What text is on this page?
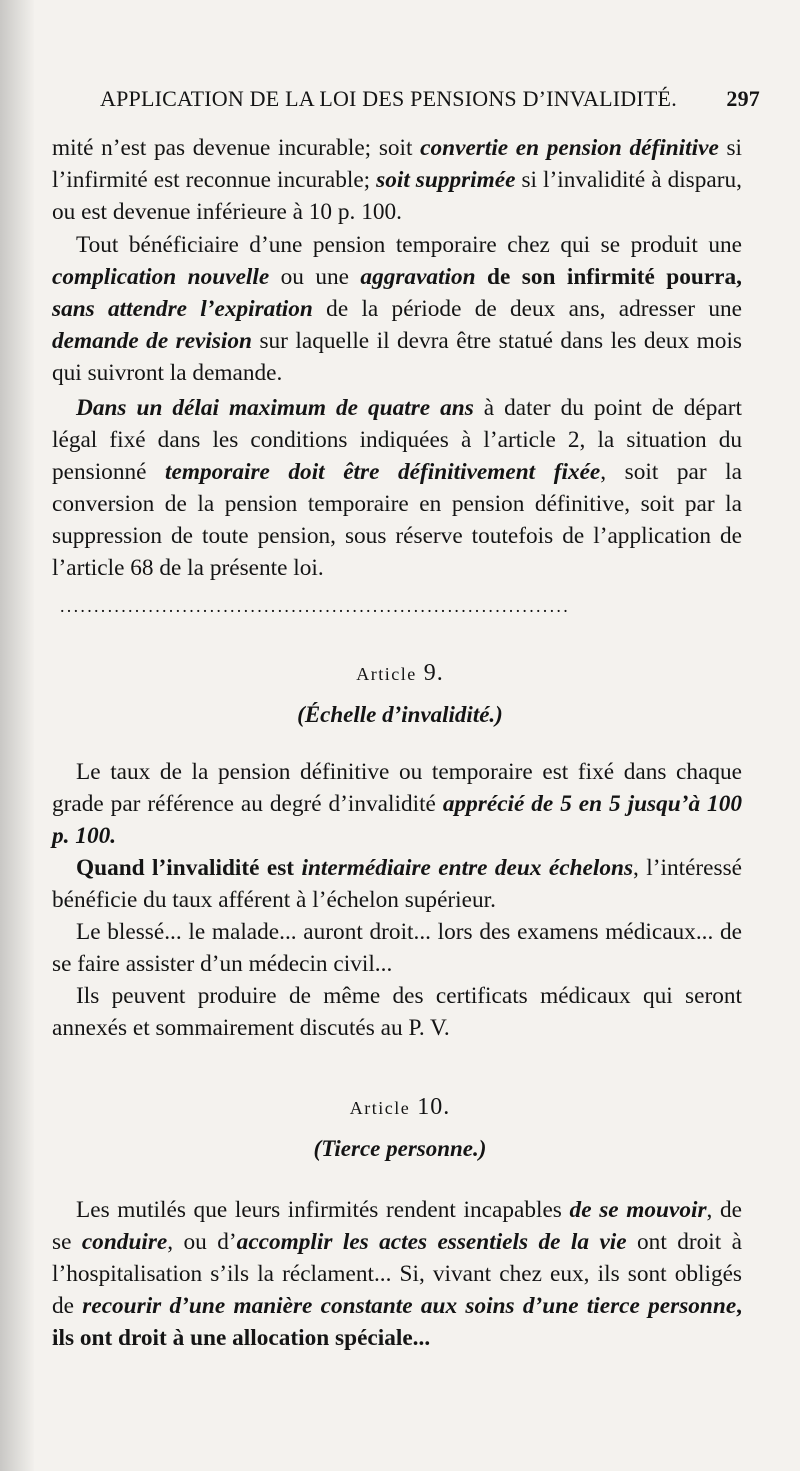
APPLICATION DE LA LOI DES PENSIONS D’INVALIDITÉ. 297

mité n’est pas devenue incurable; soit convertie en pension définitive si l’infirmité est reconnue incurable; soit supprimée si l’invalidité à disparu, ou est devenue inférieure à 10 p. 100.

Tout bénéficiaire d’une pension temporaire chez qui se produit une complication nouvelle ou une aggravation de son infirmité pourra, sans attendre l’expiration de la période de deux ans, adresser une demande de revision sur laquelle il devra être statué dans les deux mois qui suivront la demande.

Dans un délai maximum de quatre ans à dater du point de départ légal fixé dans les conditions indiquées à l’article 2, la situation du pensionné temporaire doit être définitivement fixée, soit par la conversion de la pension temporaire en pension définitive, soit par la suppression de toute pension, sous réserve toutefois de l’application de l’article 68 de la présente loi.

...........................................................................
Article 9.
(Échelle d’invalidité.)

Le taux de la pension définitive ou temporaire est fixé dans chaque grade par référence au degré d’invalidité apprécié de 5 en 5 jusqu’à 100 p. 100.

Quand l’invalidité est intermédiaire entre deux échelons, l’intéressé bénéficie du taux afférent à l’échelon supérieur.

Le blessé... le malade... auront droit... lors des examens médicaux... de se faire assister d’un médecin civil...

Ils peuvent produire de même des certificats médicaux qui seront annexés et sommairement discutés au P. V.

Article 10.
(Tierce personne.)

Les mutilés que leurs infirmités rendent incapables de se mouvoir, de se conduire, ou d’accomplir les actes essentiels de la vie ont droit à l’hospitalisation s’ils la réclament... Si, vivant chez eux, ils sont obligés de recourir d’une manière constante aux soins d’une tierce personne, ils ont droit à une allocation spéciale...
